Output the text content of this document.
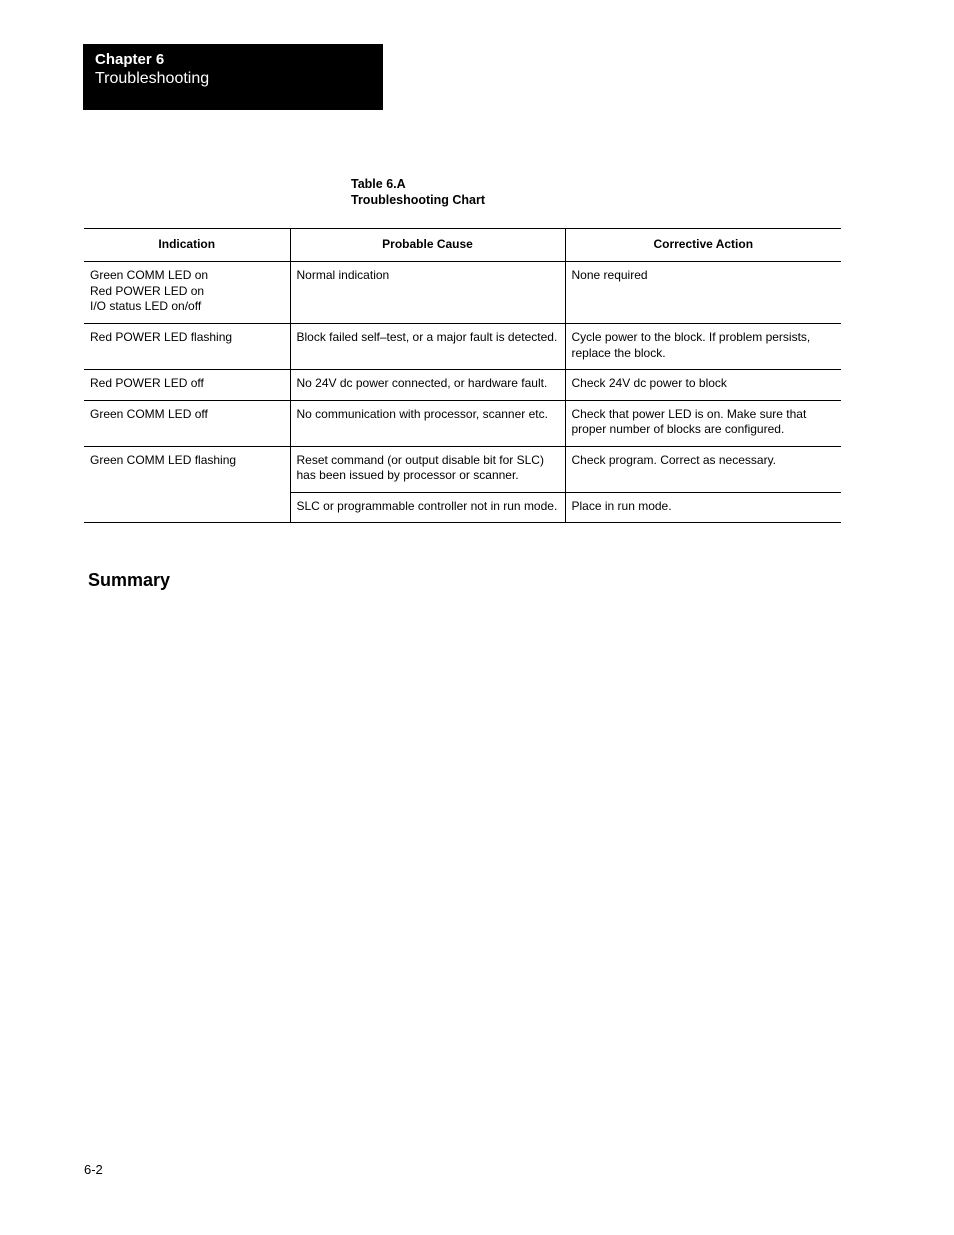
Chapter 6
Troubleshooting
Table 6.A
Troubleshooting Chart
Indication	Probable Cause	Corrective Action

Green COMM LED on
Red POWER LED on
I/O status LED on/off	Normal indication	None required

Red POWER LED flashing	Block failed self–test, or a major fault is detected.	Cycle power to the block. If problem persists, replace the block.

Red POWER LED off	No 24V dc power connected, or hardware fault.	Check 24V dc power to block

Green COMM LED off	No communication with processor, scanner etc.	Check that power LED is on. Make sure that proper number of blocks are configured.

Green COMM LED flashing	Reset command (or output disable bit for SLC) has been issued by processor or scanner.	Check program. Correct as necessary.
	SLC or programmable controller not in run mode.	Place in run mode.
Summary
6-2
